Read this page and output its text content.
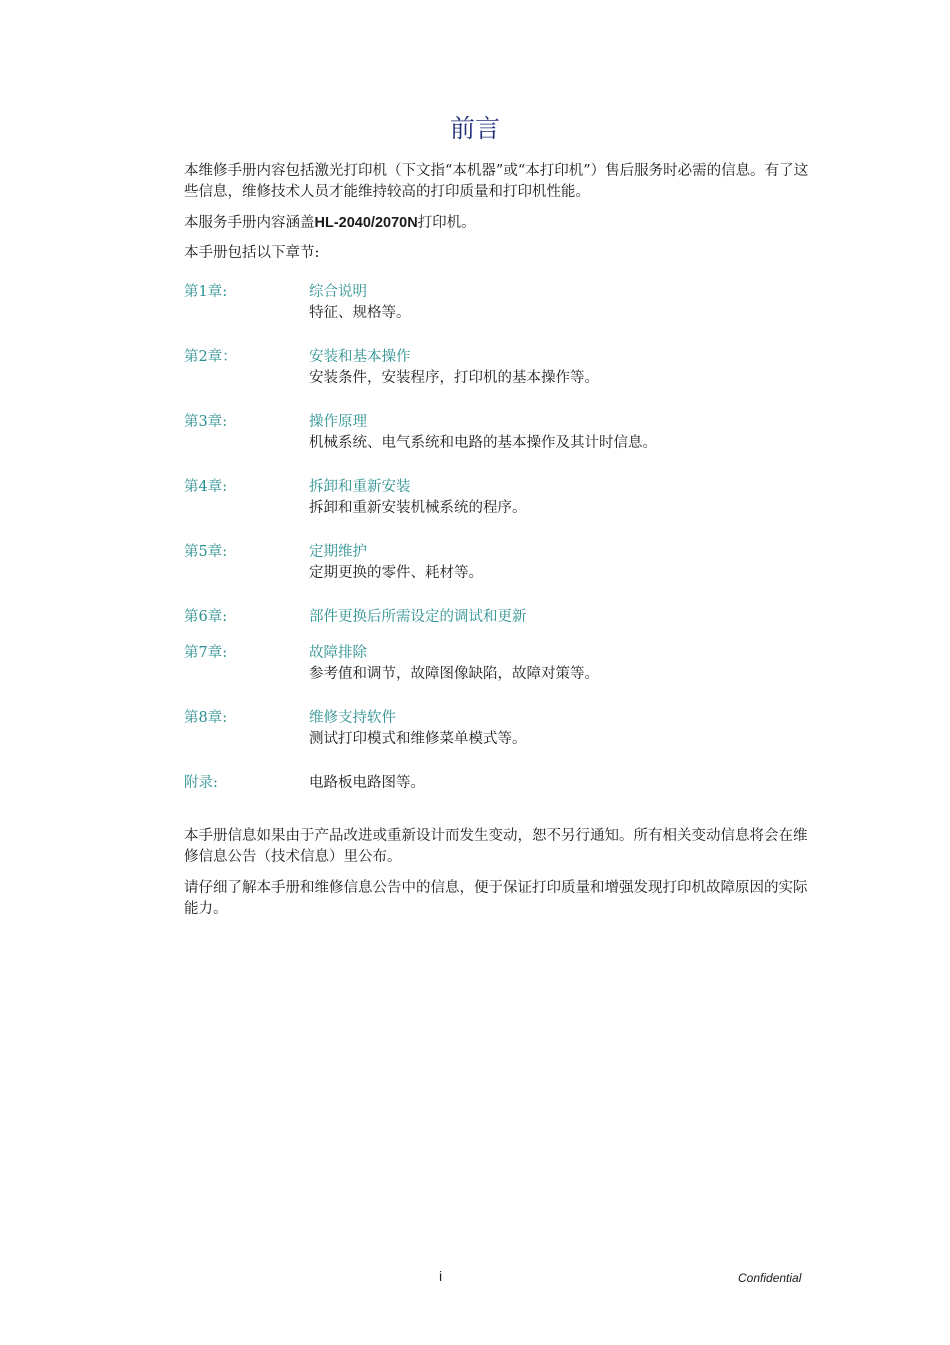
前言

本维修手册内容包括激光打印机（下文指“本机器”或“本打印机”）售后服务时必需的信息。有了这些信息，维修技术人员才能维持较高的打印质量和打印机性能。

本服务手册内容涵盖HL-2040/2070N打印机。

本手册包括以下章节:

第1章:	综合说明
特征、规格等。
第2章：	安装和基本操作
安装条件，安装程序，打印机的基本操作等。
第3章:	操作原理
机械系统、电气系统和电路的基本操作及其计时信息。
第4章:	拆卸和重新安装
拆卸和重新安装机械系统的程序。
第5章:	定期维护
定期更换的零件、耗材等。
第6章:	部件更换后所需设定的调试和更新
第7章:	故障排除
参考值和调节，故障图像缺陷，故障对策等。
第8章:	维修支持软件
测试打印模式和维修菜单模式等。
附录:	电路板电路图等。

本手册信息如果由于产品改进或重新设计而发生变动，恕不另行通知。所有相关变动信息将会在维修信息公告（技术信息）里公布。

请仔细了解本手册和维修信息公告中的信息，便于保证打印质量和增强发现打印机故障原因的实际能力。

i	Confidential
